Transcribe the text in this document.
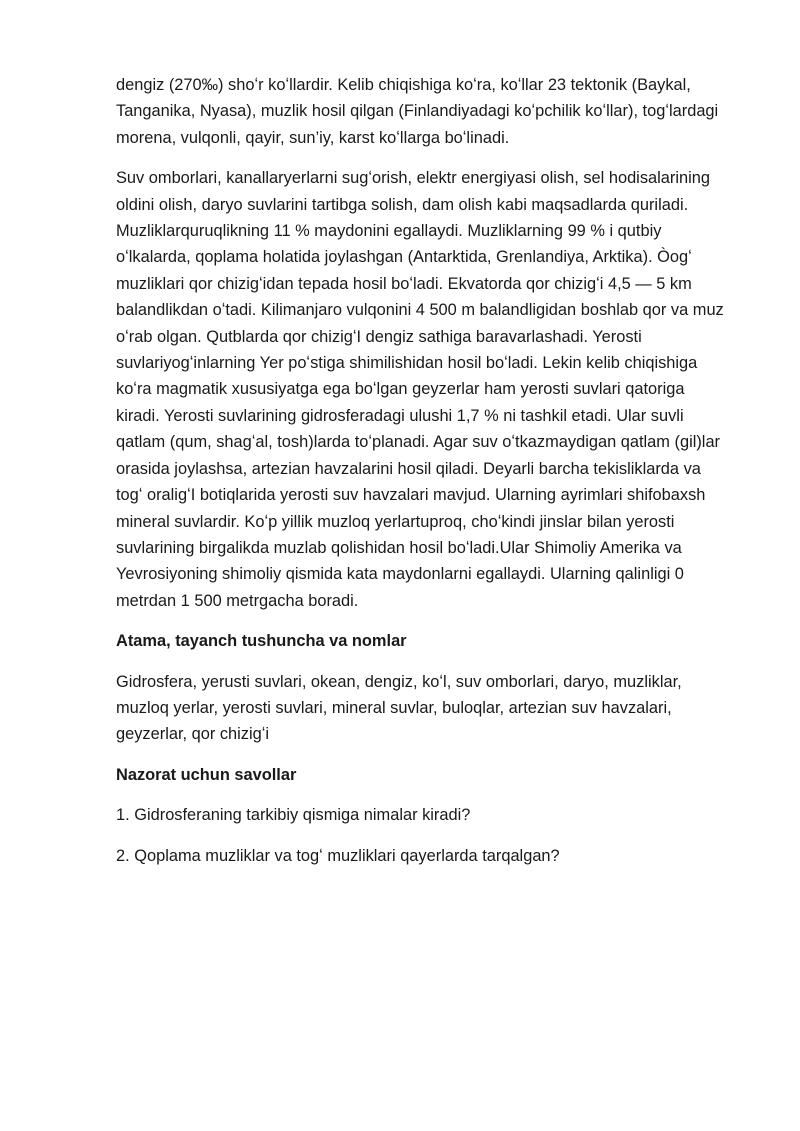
dengiz (270‰) shoʻr koʻllardir. Kelib chiqishiga koʻra, koʻllar 23 tektonik (Baykal, Tanganika, Nyasa), muzlik hosil qilgan (Finlandiyadagi koʻpchilik koʻllar), togʻlardagi morena, vulqonli, qayir, sun’iy, karst koʻllarga boʻlinadi.

Suv omborlari, kanallaryerlarni sugʻorish, elektr energiyasi olish, sel hodisalarining oldini olish, daryo suvlarini tartibga solish, dam olish kabi maqsadlarda quriladi. Muzliklarquruqlikning 11 % maydonini egallaydi. Muzliklarning 99 % i qutbiy oʻlkalarda, qoplama holatida joylashgan (Antarktida, Grenlandiya, Arktika). Òogʻ muzliklari qor chizigʻidan tepada hosil boʻladi. Ekvatorda qor chizigʻi 4,5 — 5 km balandlikdan oʻtadi. Kilimanjaro vulqonini 4 500 m balandligidan boshlab qor va muz oʻrab olgan. Qutblarda qor chizigʻI dengiz sathiga baravarlashadi. Yerosti suvlariyogʻinlarning Yer poʻstiga shimilishidan hosil boʻladi. Lekin kelib chiqishiga koʻra magmatik xususiyatga ega boʻlgan geyzerlar ham yerosti suvlari qatoriga kiradi. Yerosti suvlarining gidrosferadagi ulushi 1,7 % ni tashkil etadi. Ular suvli qatlam (qum, shagʻal, tosh)larda toʻplanadi. Agar suv oʻtkazmaydigan qatlam (gil)lar orasida joylashsa, artezian havzalarini hosil qiladi. Deyarli barcha tekisliklarda va togʻ oraligʻI botiqlarida yerosti suv havzalari mavjud. Ularning ayrimlari shifobaxsh mineral suvlardir. Koʻp yillik muzloq yerlartuproq, choʻkindi jinslar bilan yerosti suvlarining birgalikda muzlab qolishidan hosil boʻladi.Ular Shimoliy Amerika va Yevrosiyoning shimoliy qismida kata maydonlarni egallaydi. Ularning qalinligi 0 metrdan 1 500 metrgacha boradi.

Atama, tayanch tushuncha va nomlar

Gidrosfera, yerusti suvlari, okean, dengiz, koʻl, suv omborlari, daryo, muzliklar, muzloq yerlar, yerosti suvlari, mineral suvlar, buloqlar, artezian suv havzalari, geyzerlar, qor chizigʻi

Nazorat uchun savollar

1. Gidrosferaning tarkibiy qismiga nimalar kiradi?

2. Qoplama muzliklar va togʻ muzliklari qayerlarda tarqalgan?
